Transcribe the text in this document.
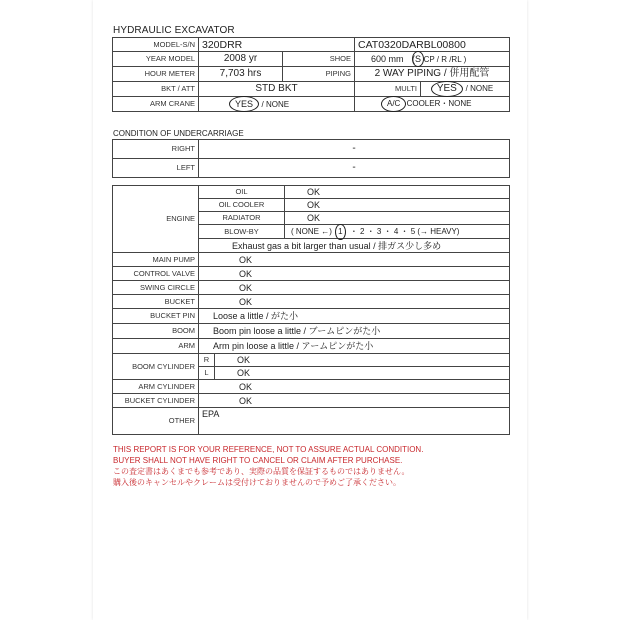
HYDRAULIC EXCAVATOR
MODEL-S/N	320DRR		CAT0320DARBL00800	
YEAR MODEL	2008 yr	SHOE	600 mm (S CP / R /RL )	
HOUR METER	7,703 hrs	PIPING	2 WAY PIPING / 併用配管	
BKT / ATT	STD BKT		MULTI	YES / NONE
ARM CRANE	YES / NONE		A/C COOLER・NONE	
CONDITION OF UNDERCARRIAGE
RIGHT	-
LEFT	-
ENGINE	OIL		OK
	OIL COOLER		OK
	RADIATOR		OK
	BLOW-BY		( NONE ←) 1 ・ 2 ・ 3 ・ 4 ・ 5 (→ HEAVY)
	Exhaust gas a bit larger than usual / 排ガス少し多め		
MAIN PUMP	OK		
CONTROL VALVE	OK		
SWING CIRCLE	OK		
BUCKET	OK		
BUCKET PIN	Loose a little / がた小		
BOOM	Boom pin loose a little / ブームピンがた小		
ARM	Arm pin loose a little / アームピンがた小		
BOOM CYLINDER	R	OK	
	L	OK	
ARM CYLINDER	OK		
BUCKET CYLINDER	OK		
OTHER	EPA		
THIS REPORT IS FOR YOUR REFERENCE, NOT TO ASSURE ACTUAL CONDITION.
BUYER SHALL NOT HAVE RIGHT TO CANCEL OR CLAIM AFTER PURCHASE.
この査定書はあくまでも参考であり、実際の品質を保証するものではありません。
購入後のキャンセルやクレームは受付けておりませんので予めご了承ください。
